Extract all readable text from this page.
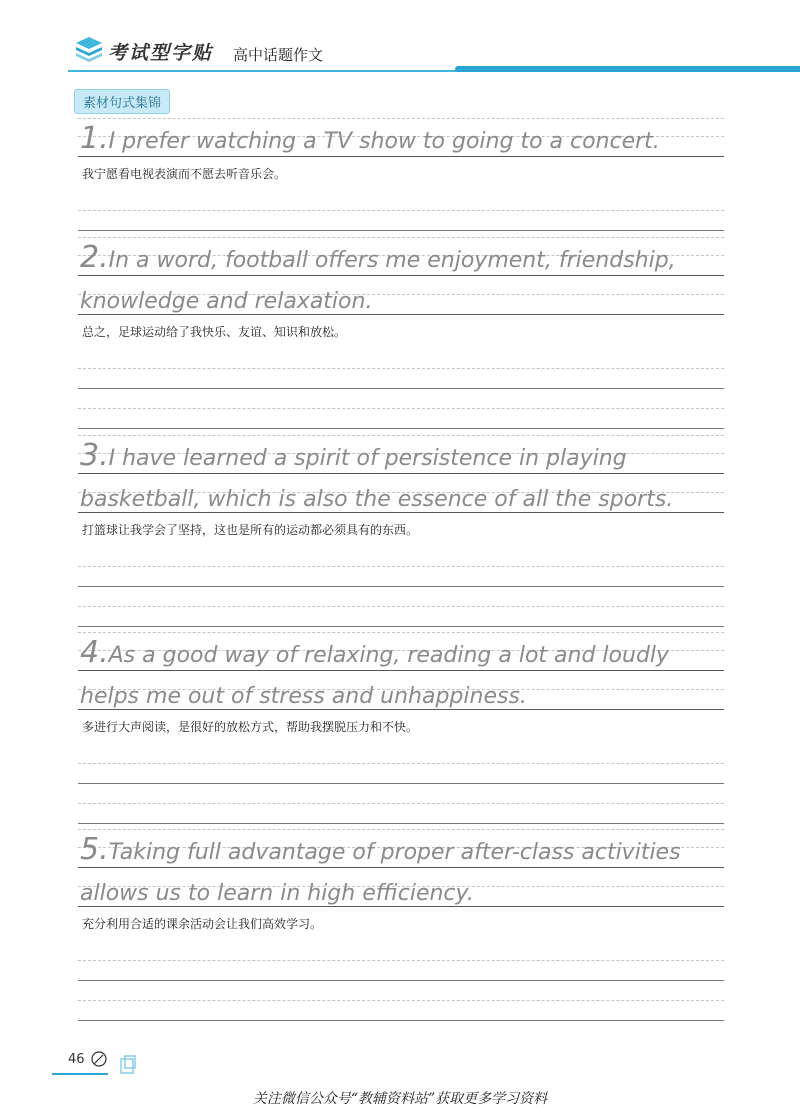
考试型字贴 高中话题作文
素材句式集锦
1.I prefer watching a TV show to going to a concert.
我宁愿看电视表演而不愿去听音乐会。
2.In a word, football offers me enjoyment, friendship,
knowledge and relaxation.
总之，足球运动给了我快乐、友谊、知识和放松。
3.I have learned a spirit of persistence in playing
basketball, which is also the essence of all the sports.
打篮球让我学会了坚持，这也是所有的运动都必须具有的东西。
4.As a good way of relaxing, reading a lot and loudly
helps me out of stress and unhappiness.
多进行大声阅读，是很好的放松方式，帮助我摆脱压力和不快。
5.Taking full advantage of proper after-class activities
allows us to learn in high efficiency.
充分利用合适的课余活动会让我们高效学习。
46
关注微信公众号“教辅资料站”获取更多学习资料
